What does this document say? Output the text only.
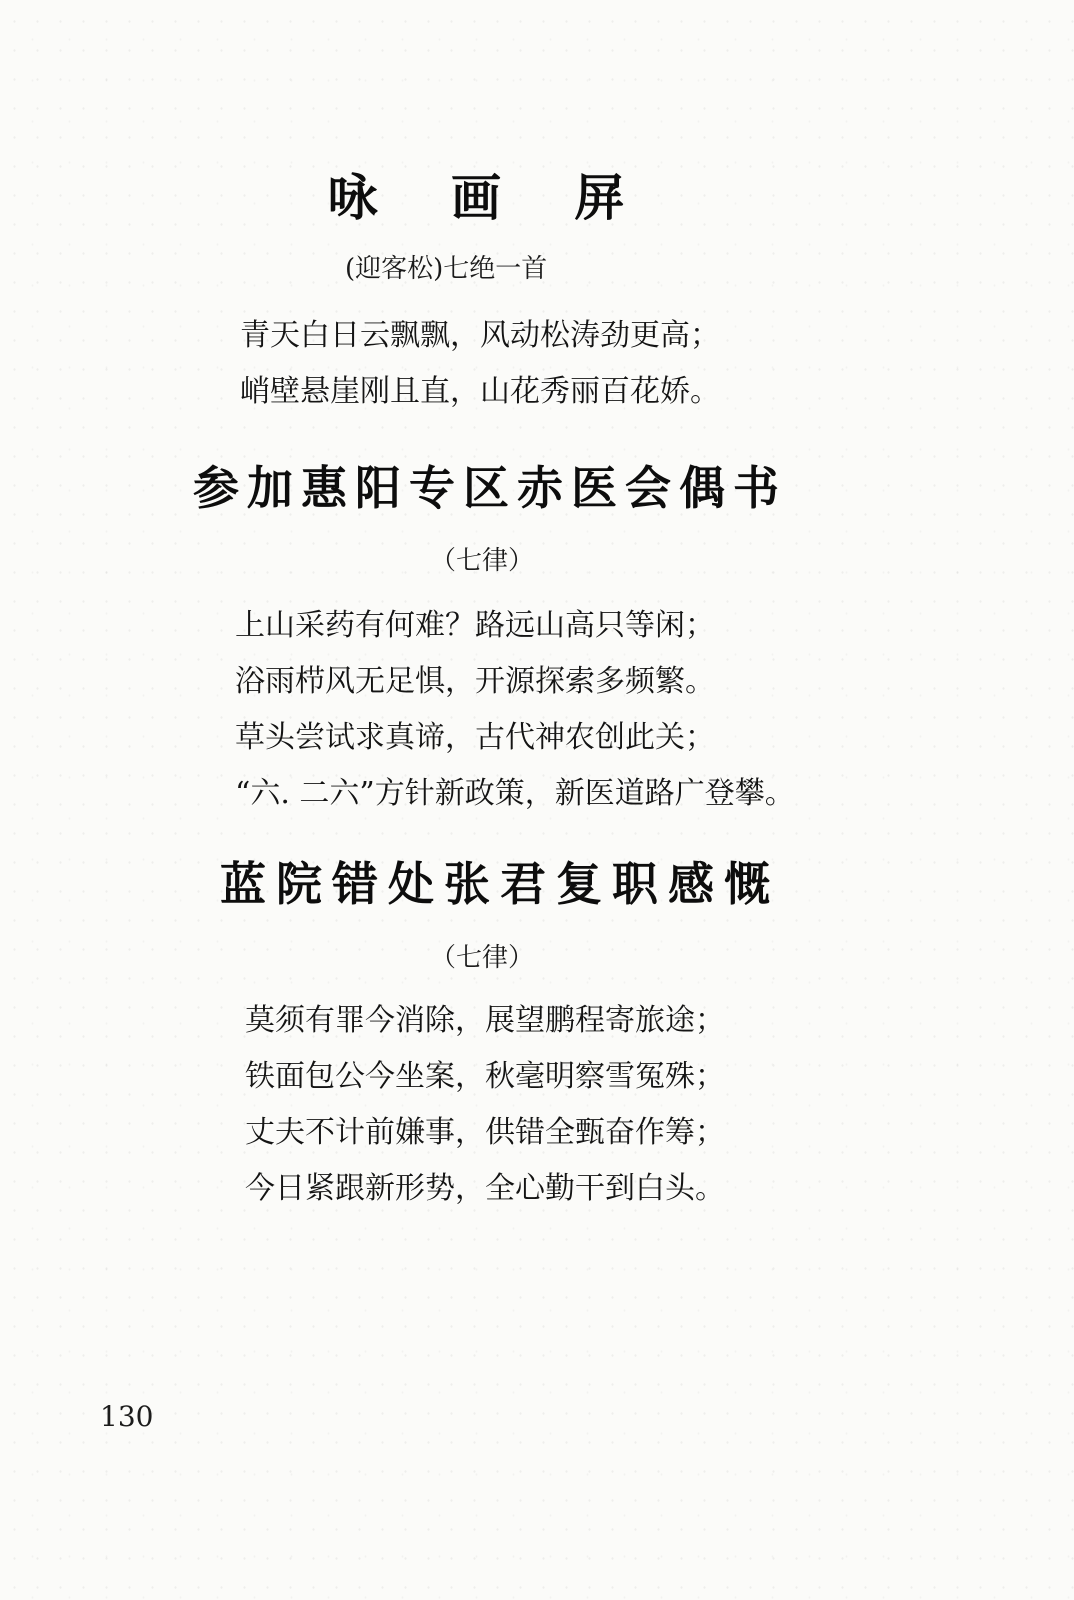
咏 画 屏
(迎客松)七绝一首
青天白日云飘飘，风动松涛劲更高；
峭壁悬崖刚且直，山花秀丽百花娇。
参加惠阳专区赤医会偶书
（七律）
上山采药有何难？路远山高只等闲；
浴雨栉风无足惧，开源探索多频繁。
草头尝试求真谛，古代神农创此关；
“六. 二六”方针新政策，新医道路广登攀。
蓝院错处张君复职感慨
（七律）
莫须有罪今消除，展望鹏程寄旅途；
铁面包公今坐案，秋毫明察雪冤殊；
丈夫不计前嫌事，供错全甄奋作筹；
今日紧跟新形势，全心勤干到白头。
130
